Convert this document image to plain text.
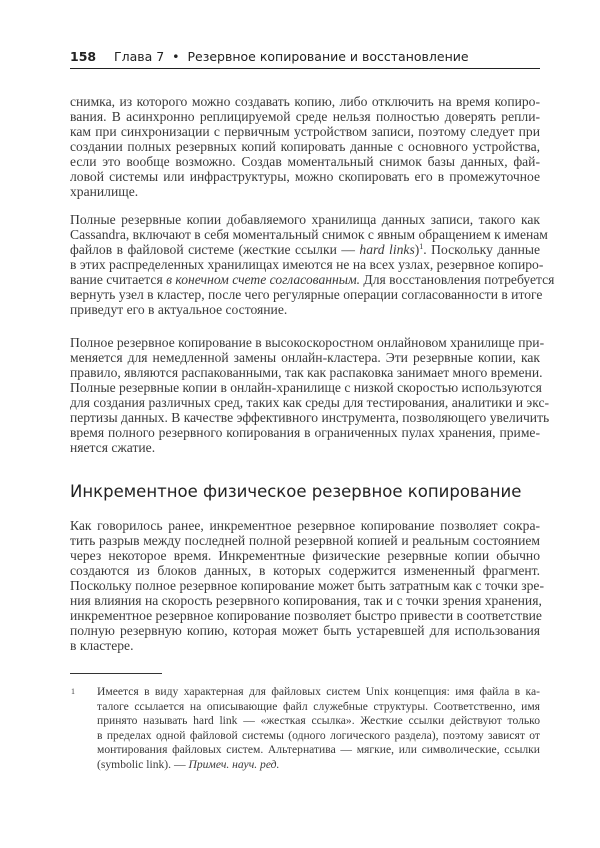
158 Глава 7  •  Резервное копирование и восстановление
снимка, из которого можно создавать копию, либо отключить на время копиро-
вания. В асинхронно реплицируемой среде нельзя полностью доверять репли-
кам при синхронизации с первичным устройством записи, поэтому следует при
создании полных резервных копий копировать данные с основного устройства,
если это вообще возможно. Создав моментальный снимок базы данных, фай-
ловой системы или инфраструктуры, можно скопировать его в промежуточное
хранилище.
Полные резервные копии добавляемого хранилища данных записи, такого как
Cassandra, включают в себя моментальный снимок с явным обращением к именам
файлов в файловой системе (жесткие ссылки — hard links)$^1$. Поскольку данные
в этих распределенных хранилищах имеются не на всех узлах, резервное копиро-
вание считается в конечном счете согласованным. Для восстановления потребуется
вернуть узел в кластер, после чего регулярные операции согласованности в итоге
приведут его в актуальное состояние.
Полное резервное копирование в высокоскоростном онлайновом хранилище при-
меняется для немедленной замены онлайн-кластера. Эти резервные копии, как
правило, являются распакованными, так как распаковка занимает много времени.
Полные резервные копии в онлайн-хранилище с низкой скоростью используются
для создания различных сред, таких как среды для тестирования, аналитики и экс-
пертизы данных. В качестве эффективного инструмента, позволяющего увеличить
время полного резервного копирования в ограниченных пулах хранения, приме-
няется сжатие.
Инкрементное физическое резервное копирование
Как говорилось ранее, инкрементное резервное копирование позволяет сокра-
тить разрыв между последней полной резервной копией и реальным состоянием
через некоторое время. Инкрементные физические резервные копии обычно
создаются из блоков данных, в которых содержится измененный фрагмент.
Поскольку полное резервное копирование может быть затратным как с точки зре-
ния влияния на скорость резервного копирования, так и с точки зрения хранения,
инкрементное резервное копирование позволяет быстро привести в соответствие
полную резервную копию, которая может быть устаревшей для использования
в кластере.
1 Имеется в виду характерная для файловых систем Unix концепция: имя файла в ка-
талоге ссылается на описывающие файл служебные структуры. Соответственно, имя
принято называть hard link — «жесткая ссылка». Жесткие ссылки действуют только
в пределах одной файловой системы (одного логического раздела), поэтому зависят от
монтирования файловых систем. Альтернатива — мягкие, или символические, ссылки
(symbolic link). — Примеч. науч. ред.
